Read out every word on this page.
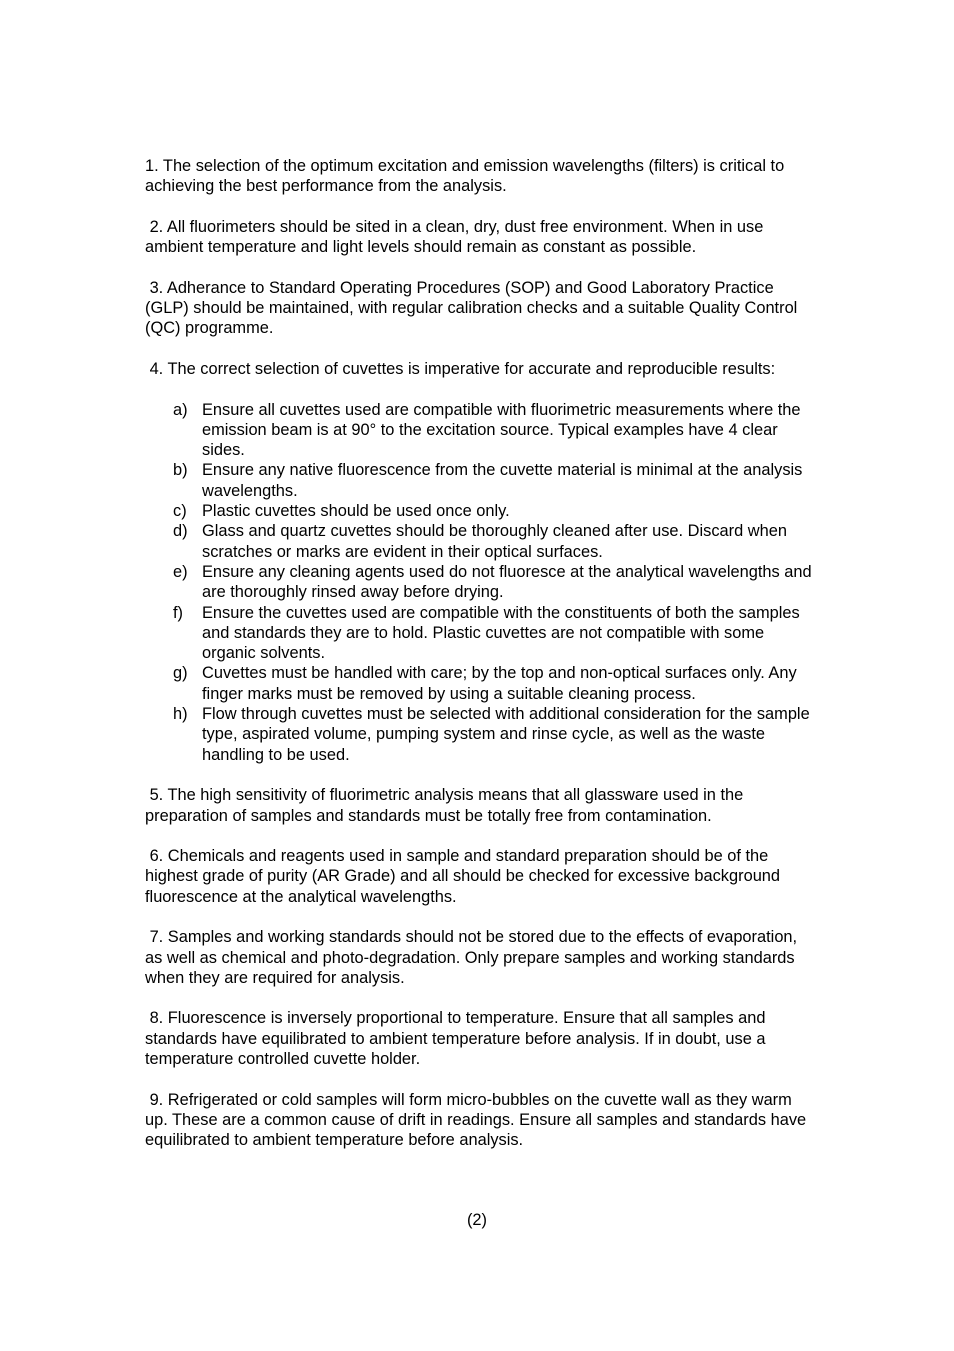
1. The selection of the optimum excitation and emission wavelengths (filters) is critical to achieving the best performance from the analysis.

2. All fluorimeters should be sited in a clean, dry, dust free environment. When in use ambient temperature and light levels should remain as constant as possible.

3. Adherance to Standard Operating Procedures (SOP) and Good Laboratory Practice (GLP) should be maintained, with regular calibration checks and a suitable Quality Control (QC) programme.

4. The correct selection of cuvettes is imperative for accurate and reproducible results:

a) Ensure all cuvettes used are compatible with fluorimetric measurements where the emission beam is at 90° to the excitation source. Typical examples have 4 clear sides.
b) Ensure any native fluorescence from the cuvette material is minimal at the analysis wavelengths.
c) Plastic cuvettes should be used once only.
d) Glass and quartz cuvettes should be thoroughly cleaned after use. Discard when scratches or marks are evident in their optical surfaces.
e) Ensure any cleaning agents used do not fluoresce at the analytical wavelengths and are thoroughly rinsed away before drying.
f) Ensure the cuvettes used are compatible with the constituents of both the samples and standards they are to hold. Plastic cuvettes are not compatible with some organic solvents.
g) Cuvettes must be handled with care; by the top and non-optical surfaces only. Any finger marks must be removed by using a suitable cleaning process.
h) Flow through cuvettes must be selected with additional consideration for the sample type, aspirated volume, pumping system and rinse cycle, as well as the waste handling to be used.

5. The high sensitivity of fluorimetric analysis means that all glassware used in the preparation of samples and standards must be totally free from contamination.

6. Chemicals and reagents used in sample and standard preparation should be of the highest grade of purity (AR Grade) and all should be checked for excessive background fluorescence at the analytical wavelengths.

7. Samples and working standards should not be stored due to the effects of evaporation, as well as chemical and photo-degradation. Only prepare samples and working standards when they are required for analysis.

8. Fluorescence is inversely proportional to temperature. Ensure that all samples and standards have equilibrated to ambient temperature before analysis. If in doubt, use a temperature controlled cuvette holder.

9. Refrigerated or cold samples will form micro-bubbles on the cuvette wall as they warm up. These are a common cause of drift in readings. Ensure all samples and standards have equilibrated to ambient temperature before analysis.

(2)
